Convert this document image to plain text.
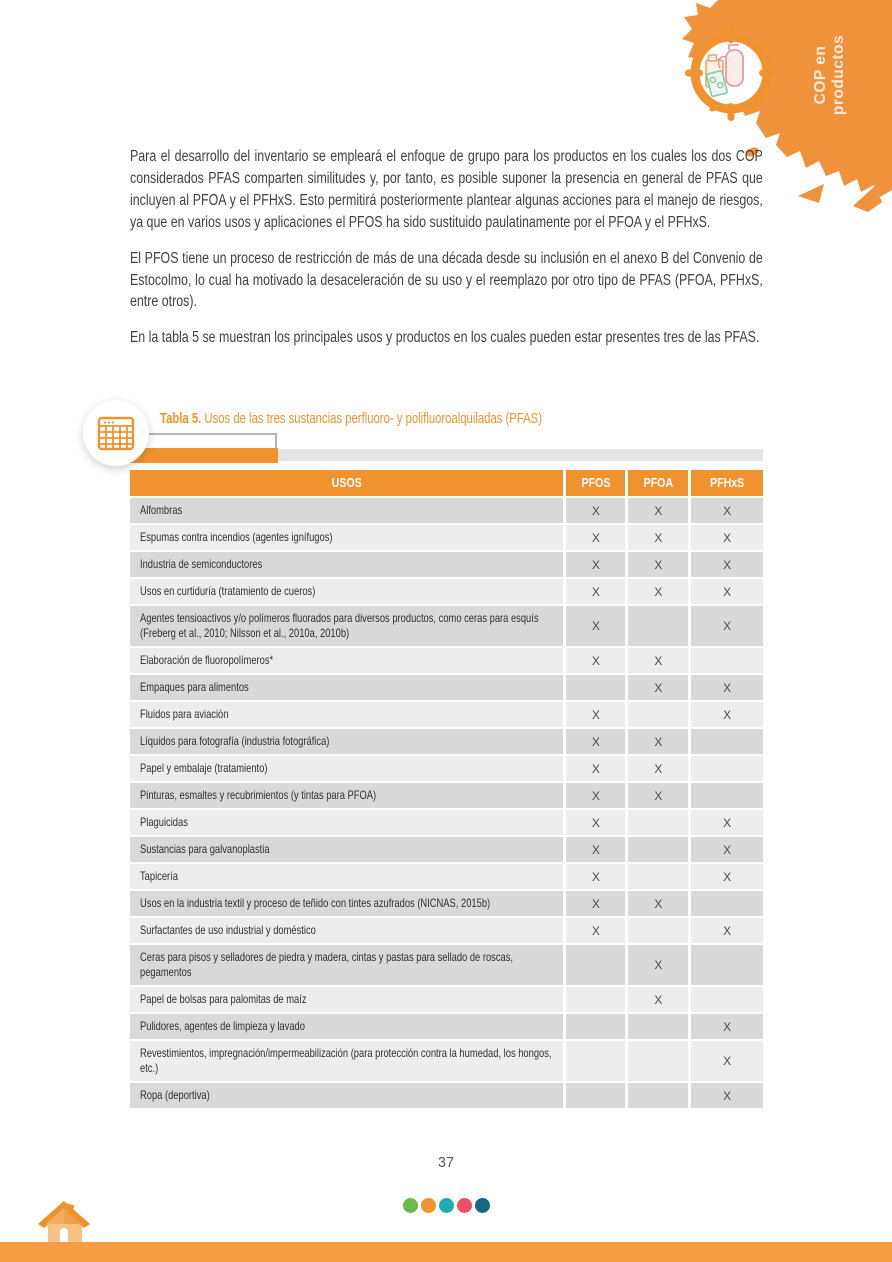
COP en productos

Para el desarrollo del inventario se empleará el enfoque de grupo para los productos en los cuales los dos COP considerados PFAS comparten similitudes y, por tanto, es posible suponer la presencia en general de PFAS que incluyen al PFOA y el PFHxS. Esto permitirá posteriormente plantear algunas acciones para el manejo de riesgos, ya que en varios usos y aplicaciones el PFOS ha sido sustituido paulatinamente por el PFOA y el PFHxS.

El PFOS tiene un proceso de restricción de más de una década desde su inclusión en el anexo B del Convenio de Estocolmo, lo cual ha motivado la desaceleración de su uso y el reemplazo por otro tipo de PFAS (PFOA, PFHxS, entre otros).

En la tabla 5 se muestran los principales usos y productos en los cuales pueden estar presentes tres de las PFAS.

Tabla 5. Usos de las tres sustancias perfluoro- y polifluoroalquiladas (PFAS)
USOS	PFOS	PFOA	PFHxS

Alfombras	X	X	X

Espumas contra incendios (agentes ignífugos)	X	X	X

Industria de semiconductores	X	X	X

Usos en curtiduría (tratamiento de cueros)	X	X	X

Agentes tensioactivos y/o polímeros fluorados para diversos productos, como ceras para esquís (Freberg et al., 2010; Nilsson et al., 2010a, 2010b)	X		X

Elaboración de fluoropolímeros*	X	X	

Empaques para alimentos		X	X

Fluidos para aviación	X		X

Líquidos para fotografía (industria fotográfica)	X	X	

Papel y embalaje (tratamiento)	X	X	

Pinturas, esmaltes y recubrimientos (y tintas para PFOA)	X	X	

Plaguicidas	X		X

Sustancias para galvanoplastia	X		X

Tapicería	X		X

Usos en la industria textil y proceso de teñido con tintes azufrados (NICNAS, 2015b)	X	X	

Surfactantes de uso industrial y doméstico	X		X

Ceras para pisos y selladores de piedra y madera, cintas y pastas para sellado de roscas, pegamentos		X	

Papel de bolsas para palomitas de maíz		X	

Pulidores, agentes de limpieza y lavado			X

Revestimientos, impregnación/impermeabilización (para protección contra la humedad, los hongos, etc.)			X

Ropa (deportiva)			X
37
